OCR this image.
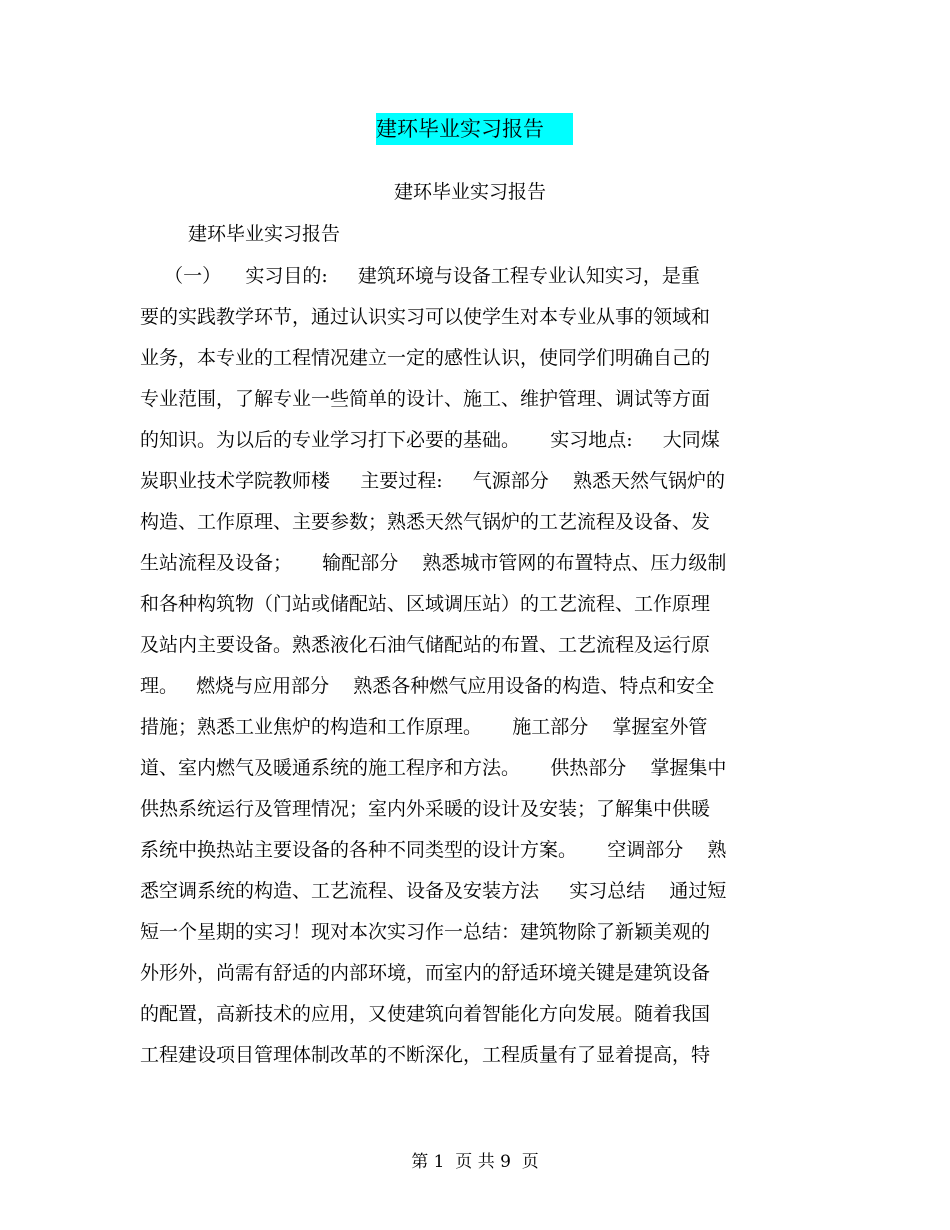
建环毕业实习报告
建环毕业实习报告
建环毕业实习报告
（一）    实习目的:     建筑环境与设备工程专业认知实习，是重
要的实践教学环节，通过认识实习可以使学生对本专业从事的领域和
业务，本专业的工程情况建立一定的感性认识，使同学们明确自己的
专业范围，了解专业一些简单的设计、施工、维护管理、调试等方面
的知识。为以后的专业学习打下必要的基础。     实习地点:     大同煤
炭职业技术学院教师楼     主要过程:     气源部分    熟悉天然气锅炉的
构造、工作原理、主要参数；熟悉天然气锅炉的工艺流程及设备、发
生站流程及设备；     输配部分    熟悉城市管网的布置特点、压力级制
和各种构筑物（门站或储配站、区域调压站）的工艺流程、工作原理
及站内主要设备。熟悉液化石油气储配站的布置、工艺流程及运行原
理。   燃烧与应用部分    熟悉各种燃气应用设备的构造、特点和安全
措施；熟悉工业焦炉的构造和工作原理。     施工部分    掌握室外管
道、室内燃气及暖通系统的施工程序和方法。     供热部分    掌握集中
供热系统运行及管理情况；室内外采暖的设计及安装；了解集中供暖
系统中换热站主要设备的各种不同类型的设计方案。     空调部分    熟
悉空调系统的构造、工艺流程、设备及安装方法     实习总结    通过短
短一个星期的实习！现对本次实习作一总结：建筑物除了新颖美观的
外形外，尚需有舒适的内部环境，而室内的舒适环境关键是建筑设备
的配置，高新技术的应用，又使建筑向着智能化方向发展。随着我国
工程建设项目管理体制改革的不断深化，工程质量有了显着提高，特
第 1  页 共 9  页
